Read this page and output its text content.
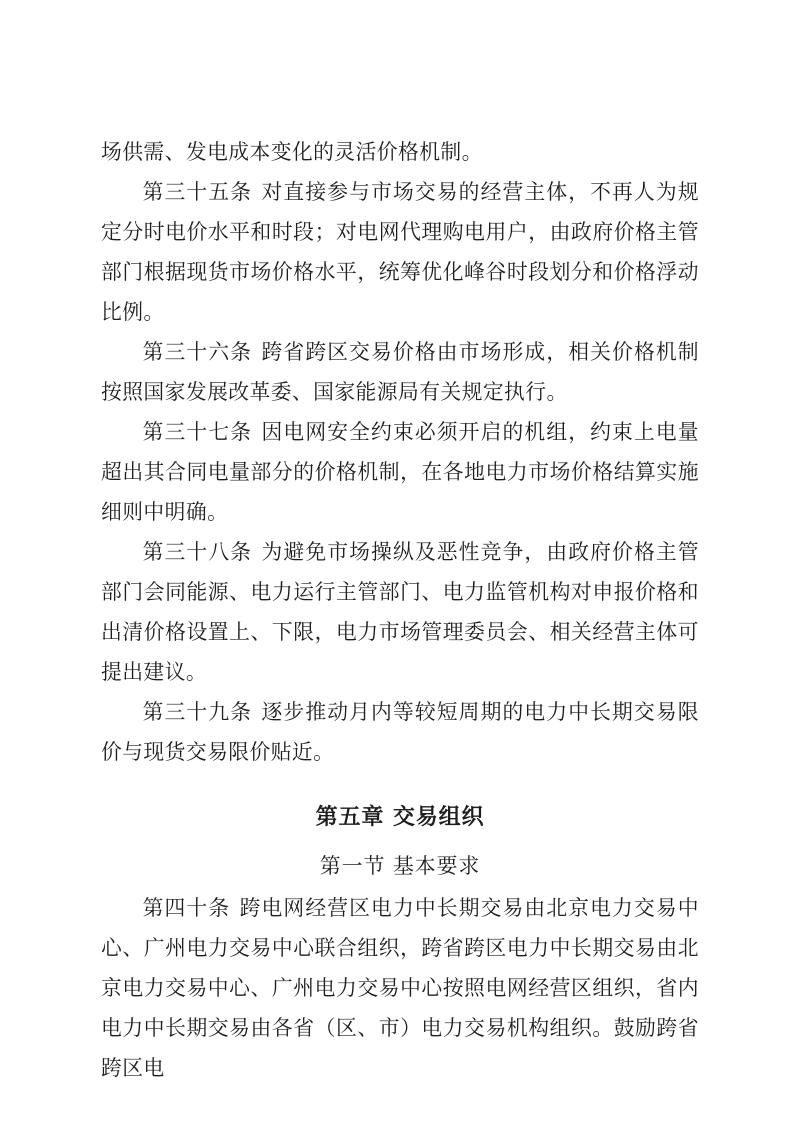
场供需、发电成本变化的灵活价格机制。

第三十五条 对直接参与市场交易的经营主体，不再人为规定分时电价水平和时段；对电网代理购电用户，由政府价格主管部门根据现货市场价格水平，统筹优化峰谷时段划分和价格浮动比例。

第三十六条 跨省跨区交易价格由市场形成，相关价格机制按照国家发展改革委、国家能源局有关规定执行。

第三十七条 因电网安全约束必须开启的机组，约束上电量超出其合同电量部分的价格机制，在各地电力市场价格结算实施细则中明确。

第三十八条 为避免市场操纵及恶性竞争，由政府价格主管部门会同能源、电力运行主管部门、电力监管机构对申报价格和出清价格设置上、下限，电力市场管理委员会、相关经营主体可提出建议。

第三十九条 逐步推动月内等较短周期的电力中长期交易限价与现货交易限价贴近。

第五章 交易组织
第一节 基本要求

第四十条 跨电网经营区电力中长期交易由北京电力交易中心、广州电力交易中心联合组织，跨省跨区电力中长期交易由北京电力交易中心、广州电力交易中心按照电网经营区组织，省内电力中长期交易由各省（区、市）电力交易机构组织。鼓励跨省跨区电
